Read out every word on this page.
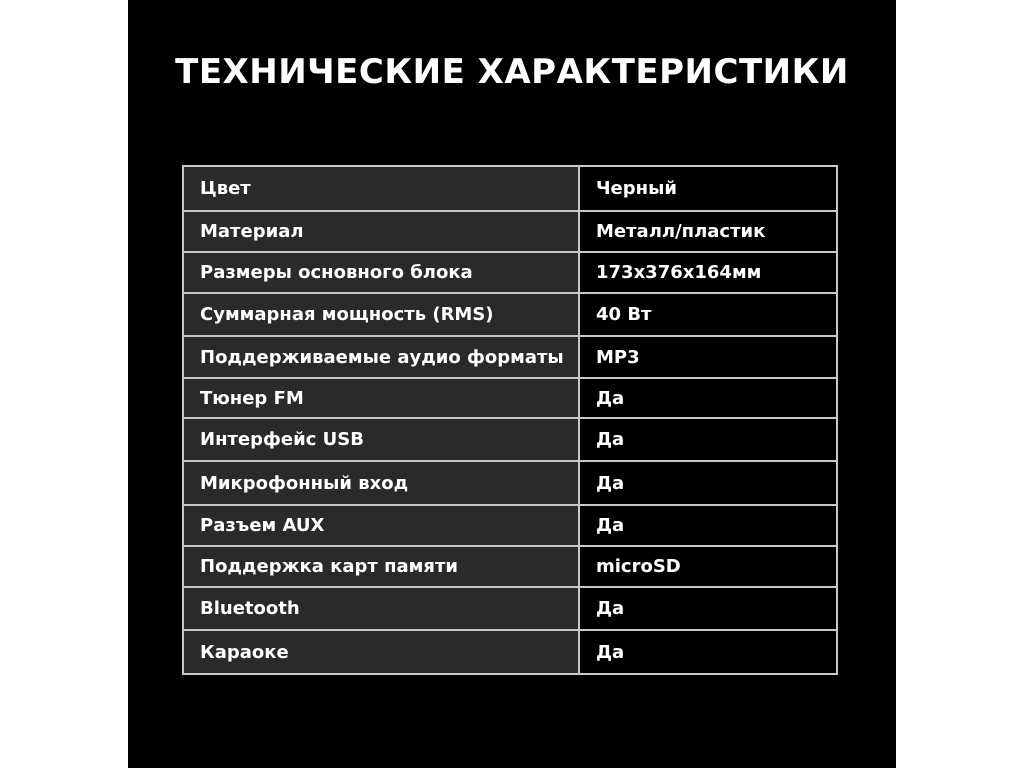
ТЕХНИЧЕСКИЕ ХАРАКТЕРИСТИКИ
Цвет	Черный
Материал	Металл/пластик
Размеры основного блока	173x376x164мм
Суммарная мощность (RMS)	40 Вт
Поддерживаемые аудио форматы	MP3
Тюнер FM	Да
Интерфейс USB	Да
Микрофонный вход	Да
Разъем AUX	Да
Поддержка карт памяти	microSD
Bluetooth	Да
Караоке	Да
